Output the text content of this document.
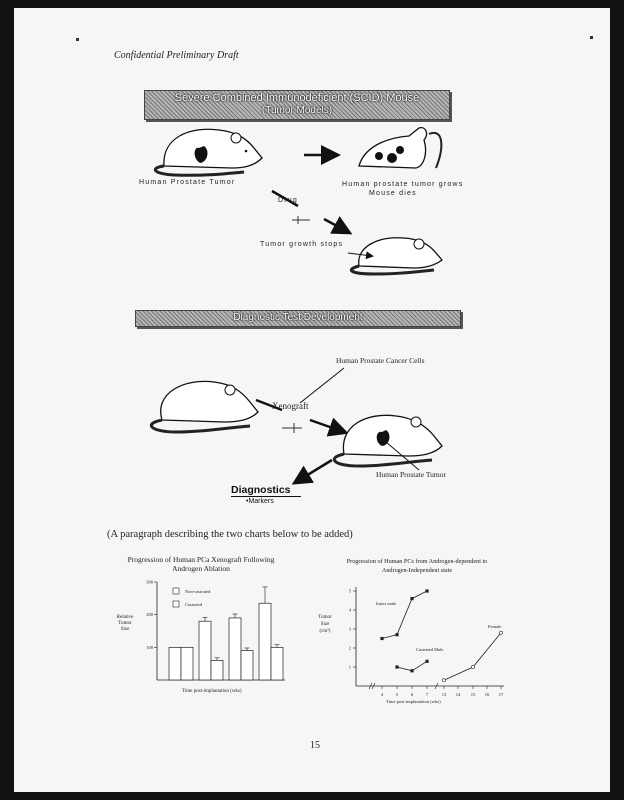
Confidential Preliminary Draft
Severe Combined Immunodeficient (SCID) Mouse
(Tumor Models)
Human Prostate Tumor	Human prostate tumor grows
Mouse dies
Drug
Tumor growth stops
Diagnostic Test Development
Human Prostate Cancer Cells
Xenograft
Human Prostate Tumor
Diagnostics
•Markers
(A paragraph describing the two charts below to be added)
Progression of Human PCa Xenograft Following
Androgen Ablation
Relative
Tumor
Size
Time post-implantation (wks)
100
200
300
Non-castrated
Castrated
Progression of Human PCs from Androgen-dependent to
Androgen-Independent state
Tumor
Size
(cm³)
Time post-implantation (wks)
1
2
3
4
5
4	5	6	7	13 14 15 16 17
Intact male
Castrated Male
Female
15
